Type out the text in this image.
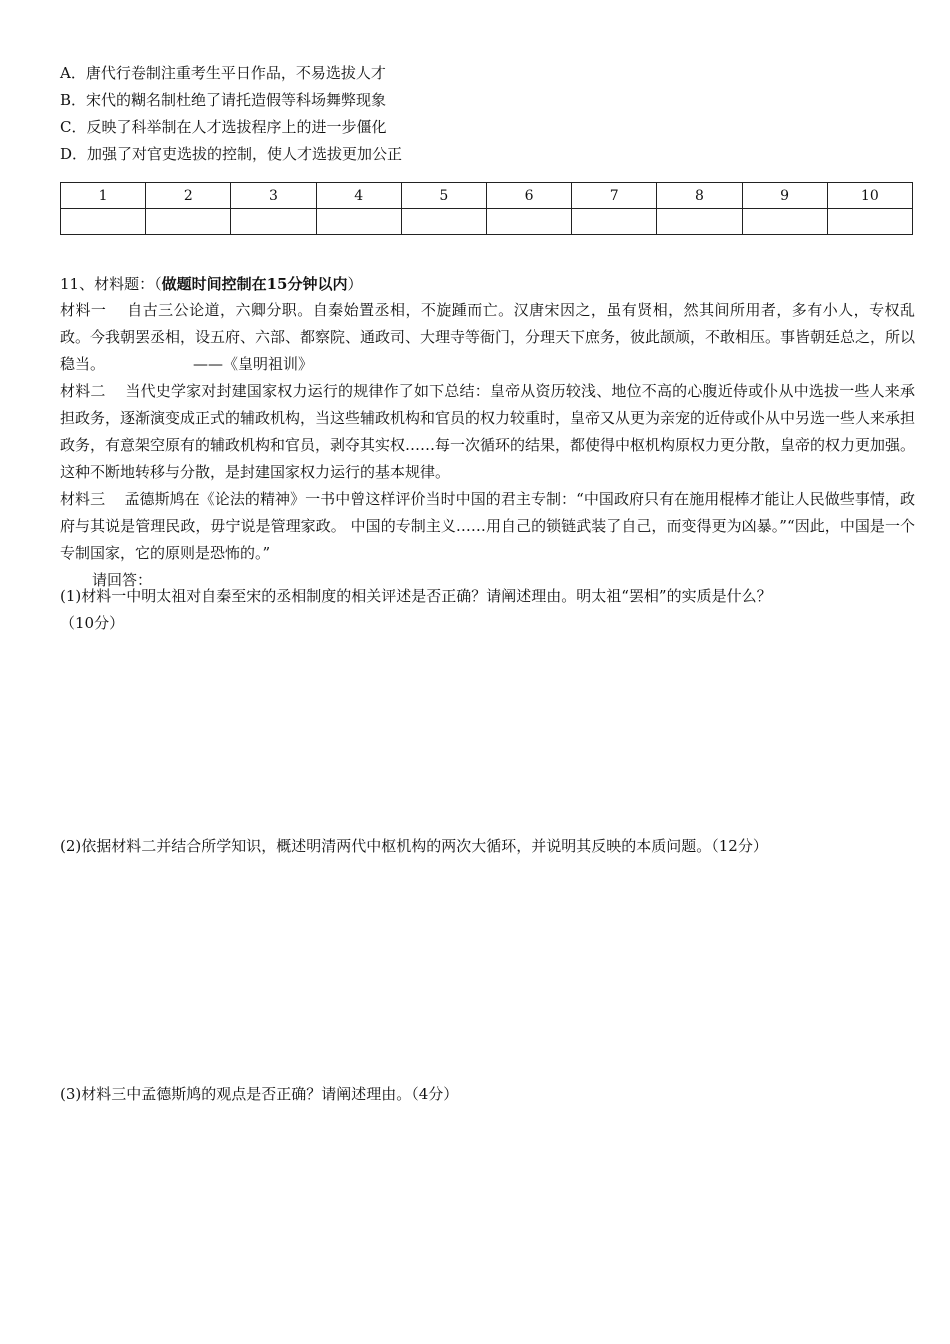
A．唐代行卷制注重考生平日作品，不易选拔人才
B．宋代的糊名制杜绝了请托造假等科场舞弊现象
C．反映了科举制在人才选拔程序上的进一步僵化
D．加强了对官吏选拔的控制，使人才选拔更加公正
1	2	3	4	5	6	7	8	9	10

11、材料题：（做题时间控制在15分钟以内）

材料一 自古三公论道，六卿分职。自秦始置丞相，不旋踵而亡。汉唐宋因之，虽有贤相，然其间所用者，多有小人，专权乱政。今我朝罢丞相，设五府、六部、都察院、通政司、大理寺等衙门，分理天下庶务，彼此颉颃，不敢相压。事皆朝廷总之，所以稳当。	——《皇明祖训》

材料二 当代史学家对封建国家权力运行的规律作了如下总结：皇帝从资历较浅、地位不高的心腹近侍或仆从中选拔一些人来承担政务，逐渐演变成正式的辅政机构，当这些辅政机构和官员的权力较重时，皇帝又从更为亲宠的近侍或仆从中另选一些人来承担政务，有意架空原有的辅政机构和官员，剥夺其实权……每一次循环的结果，都使得中枢机构原权力更分散，皇帝的权力更加强。这种不断地转移与分散，是封建国家权力运行的基本规律。

材料三 孟德斯鸠在《论法的精神》一书中曾这样评价当时中国的君主专制：“中国政府只有在施用棍棒才能让人民做些事情，政府与其说是管理民政，毋宁说是管理家政。 中国的专制主义……用自己的锁链武装了自己，而变得更为凶暴。”“因此，中国是一个专制国家，它的原则是恐怖的。”

请回答：
(1)材料一中明太祖对自秦至宋的丞相制度的相关评述是否正确？请阐述理由。明太祖“罢相”的实质是什么？
（10分）
(2)依据材料二并结合所学知识，概述明清两代中枢机构的两次大循环，并说明其反映的本质问题。（12分）
(3)材料三中孟德斯鸠的观点是否正确？请阐述理由。（4分）
